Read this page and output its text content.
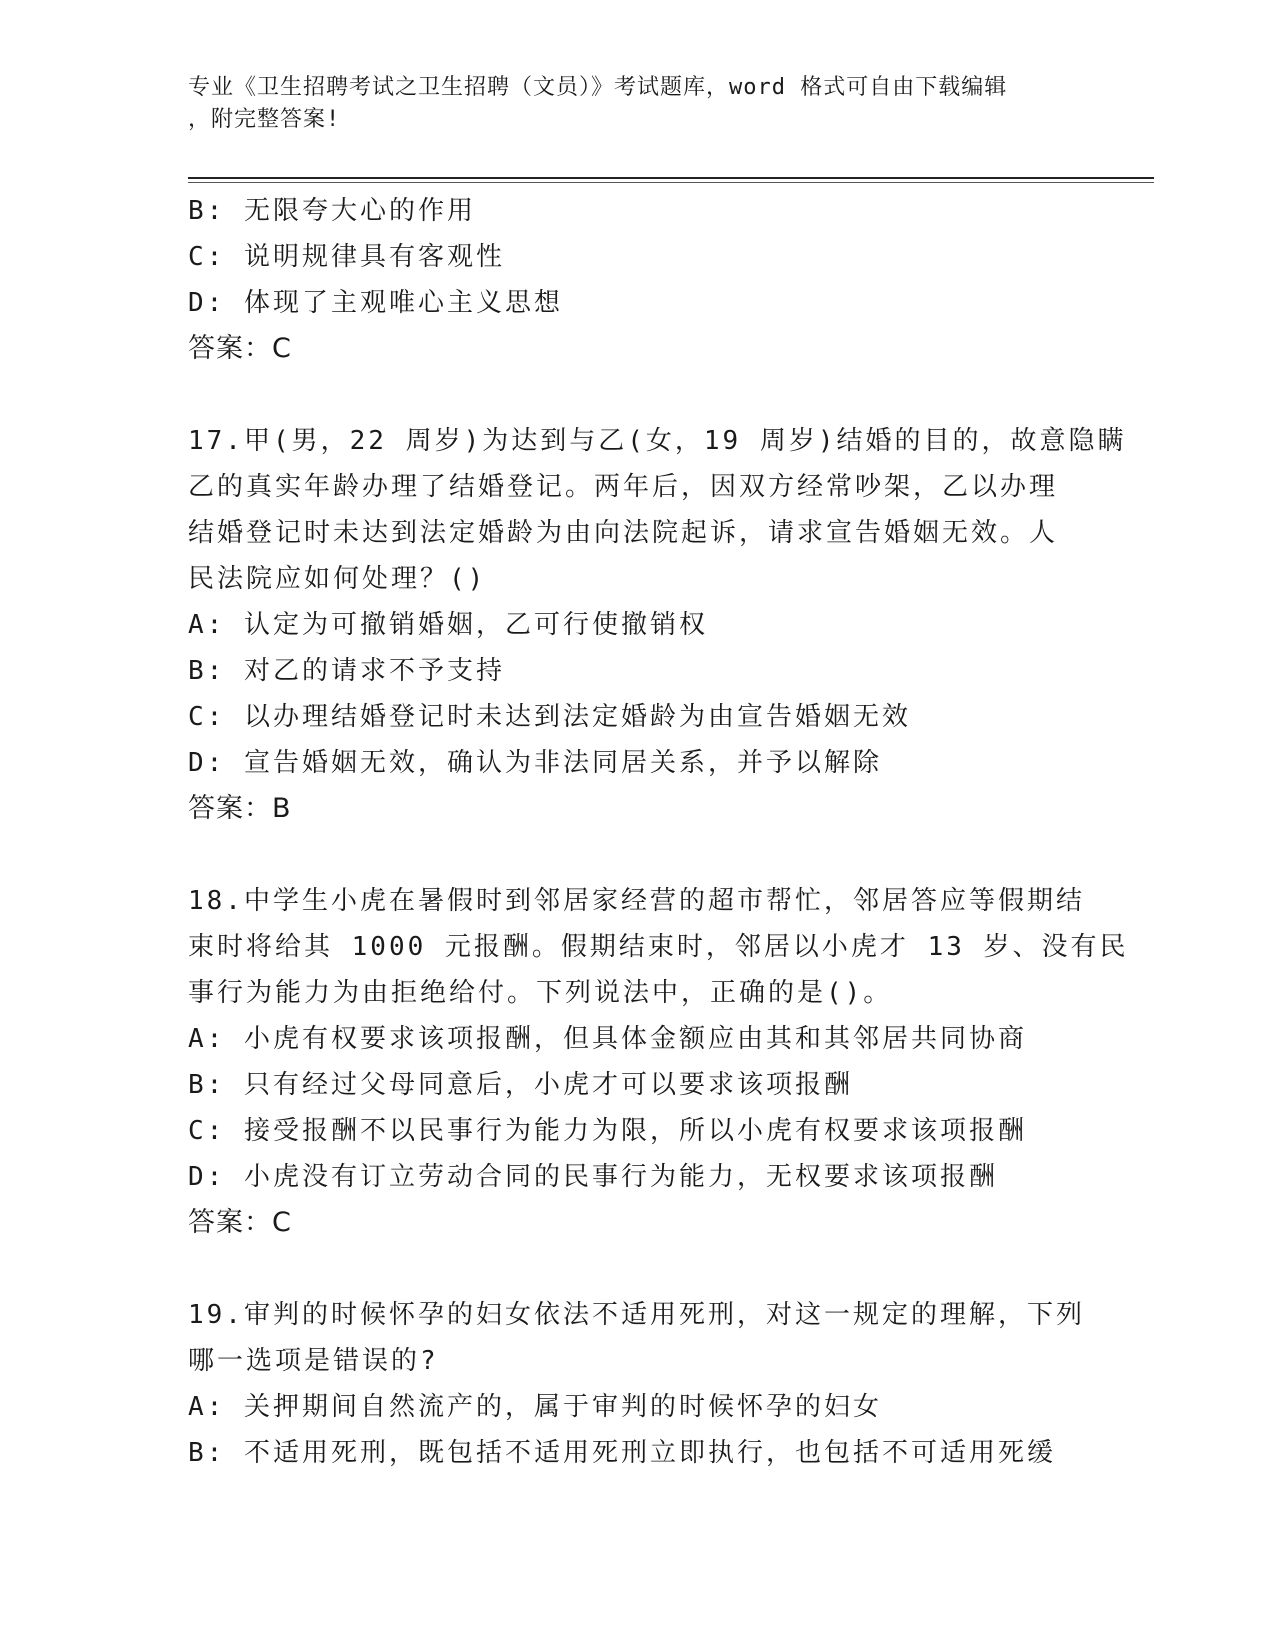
专业《卫生招聘考试之卫生招聘（文员）》考试题库，word 格式可自由下载编辑
，附完整答案!
B: 无限夸大心的作用
C: 说明规律具有客观性
D: 体现了主观唯心主义思想
答案：C
17.甲(男，22 周岁)为达到与乙(女，19 周岁)结婚的目的，故意隐瞒
乙的真实年龄办理了结婚登记。两年后，因双方经常吵架，乙以办理
结婚登记时未达到法定婚龄为由向法院起诉，请求宣告婚姻无效。人
民法院应如何处理？()
A: 认定为可撤销婚姻，乙可行使撤销权
B: 对乙的请求不予支持
C: 以办理结婚登记时未达到法定婚龄为由宣告婚姻无效
D: 宣告婚姻无效，确认为非法同居关系，并予以解除
答案：B
18.中学生小虎在暑假时到邻居家经营的超市帮忙，邻居答应等假期结
束时将给其 1000 元报酬。假期结束时，邻居以小虎才 13 岁、没有民
事行为能力为由拒绝给付。下列说法中，正确的是()。
A: 小虎有权要求该项报酬，但具体金额应由其和其邻居共同协商
B: 只有经过父母同意后，小虎才可以要求该项报酬
C: 接受报酬不以民事行为能力为限，所以小虎有权要求该项报酬
D: 小虎没有订立劳动合同的民事行为能力，无权要求该项报酬
答案：C
19.审判的时候怀孕的妇女依法不适用死刑，对这一规定的理解，下列
哪一选项是错误的?
A: 关押期间自然流产的，属于审判的时候怀孕的妇女
B: 不适用死刑，既包括不适用死刑立即执行，也包括不可适用死缓
